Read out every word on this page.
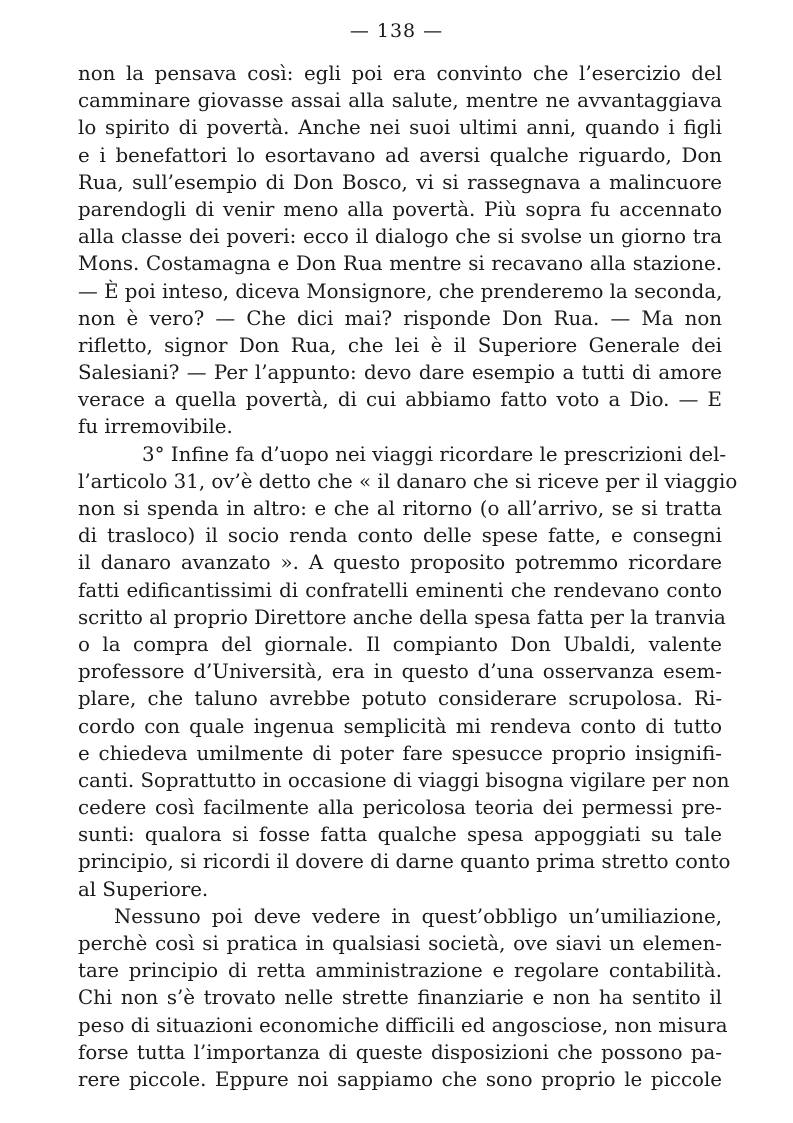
— 138 —
non la pensava così: egli poi era convinto che l’esercizio del
camminare giovasse assai alla salute, mentre ne avvantaggiava
lo spirito di povertà. Anche nei suoi ultimi anni, quando i figli
e i benefattori lo esortavano ad aversi qualche riguardo, Don
Rua, sull’esempio di Don Bosco, vi si rassegnava a malincuore
parendogli di venir meno alla povertà. Più sopra fu accennato
alla classe dei poveri: ecco il dialogo che si svolse un giorno tra
Mons. Costamagna e Don Rua mentre si recavano alla stazione.
— È poi inteso, diceva Monsignore, che prenderemo la seconda,
non è vero? — Che dici mai? risponde Don Rua. — Ma non
rifletto, signor Don Rua, che lei è il Superiore Generale dei
Salesiani? — Per l’appunto: devo dare esempio a tutti di amore
verace a quella povertà, di cui abbiamo fatto voto a Dio. — E
fu irremovibile.
3° Infine fa d’uopo nei viaggi ricordare le prescrizioni del-
l’articolo 31, ov’è detto che « il danaro che si riceve per il viaggio
non si spenda in altro: e che al ritorno (o all’arrivo, se si tratta
di trasloco) il socio renda conto delle spese fatte, e consegni
il danaro avanzato ». A questo proposito potremmo ricordare
fatti edificantissimi di confratelli eminenti che rendevano conto
scritto al proprio Direttore anche della spesa fatta per la tranvia
o la compra del giornale. Il compianto Don Ubaldi, valente
professore d’Università, era in questo d’una osservanza esem-
plare, che taluno avrebbe potuto considerare scrupolosa. Ri-
cordo con quale ingenua semplicità mi rendeva conto di tutto
e chiedeva umilmente di poter fare spesucce proprio insignifi-
canti. Soprattutto in occasione di viaggi bisogna vigilare per non
cedere così facilmente alla pericolosa teoria dei permessi pre-
sunti: qualora si fosse fatta qualche spesa appoggiati su tale
principio, si ricordi il dovere di darne quanto prima stretto conto
al Superiore.
Nessuno poi deve vedere in quest’obbligo un’umiliazione,
perchè così si pratica in qualsiasi società, ove siavi un elemen-
tare principio di retta amministrazione e regolare contabilità.
Chi non s’è trovato nelle strette finanziarie e non ha sentito il
peso di situazioni economiche difficili ed angosciose, non misura
forse tutta l’importanza di queste disposizioni che possono pa-
rere piccole. Eppure noi sappiamo che sono proprio le piccole
